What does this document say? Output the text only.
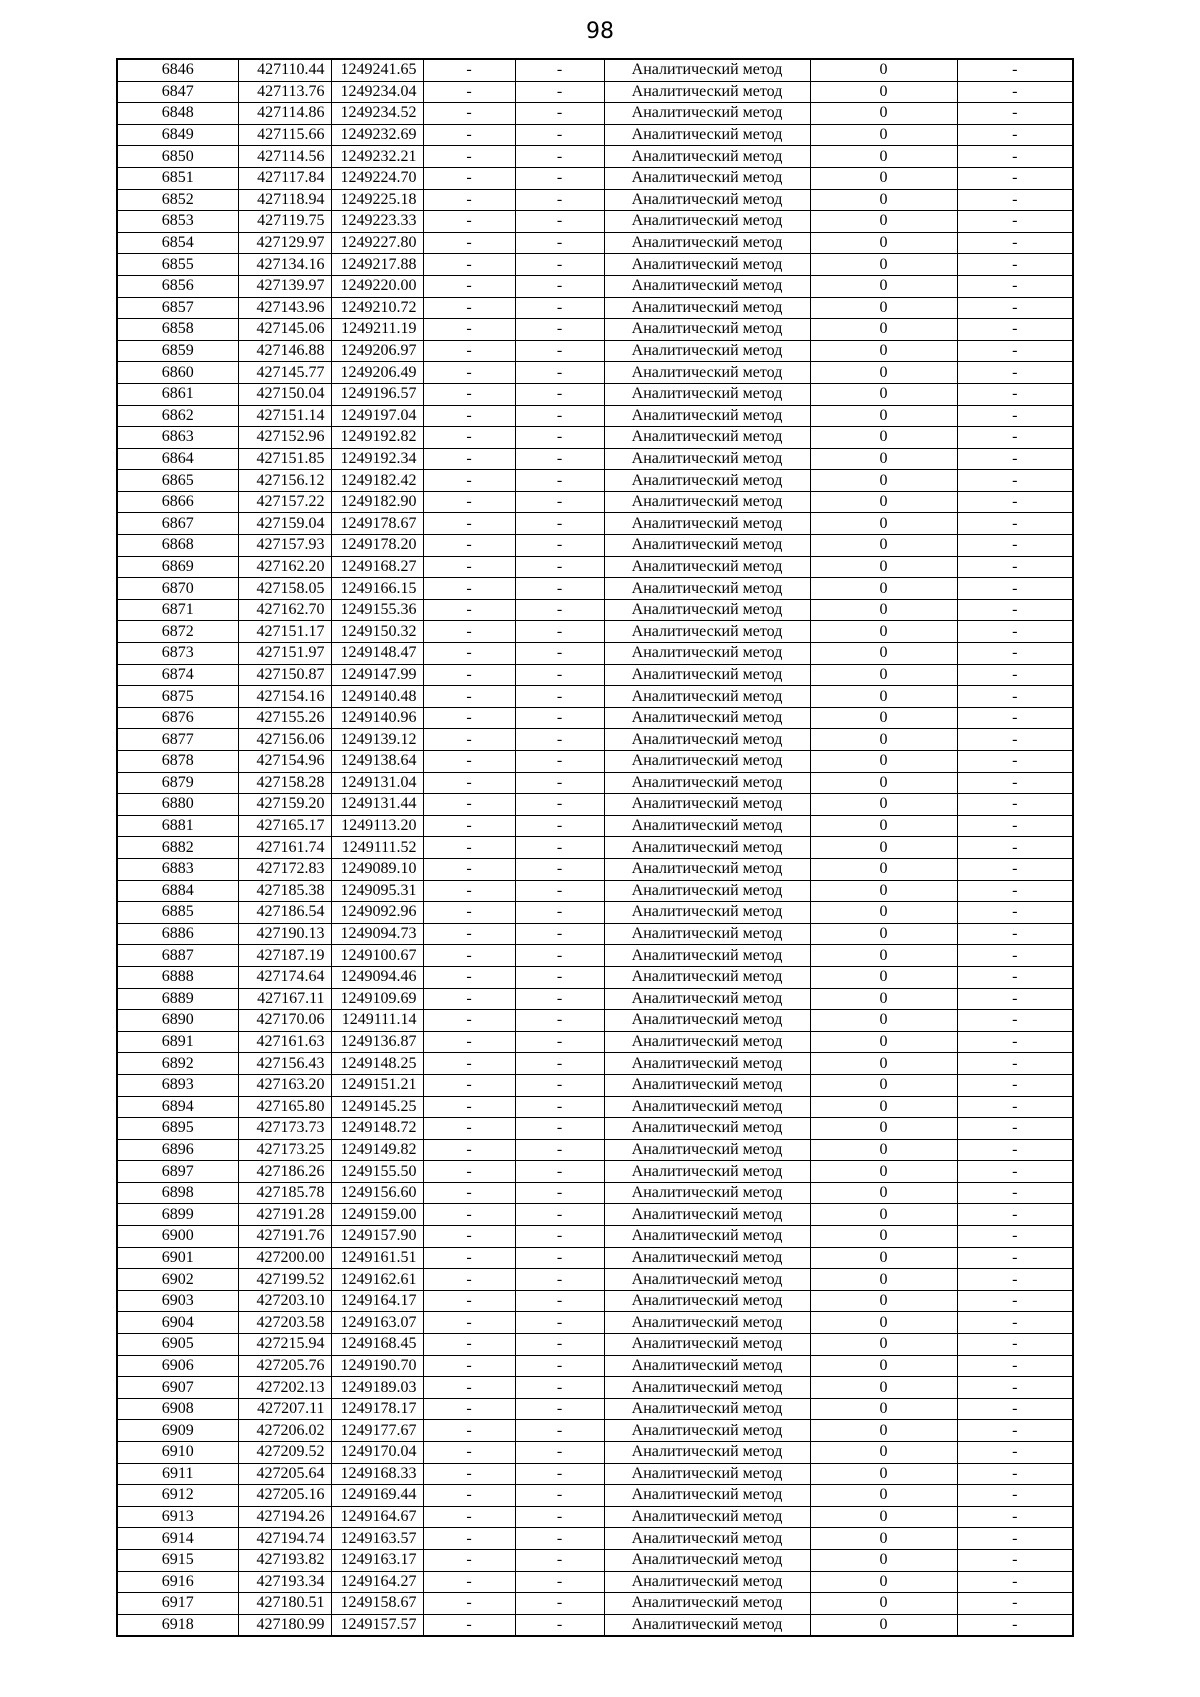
98
6846	427110.44	1249241.65	-	-	Аналитический метод	0	-
6847	427113.76	1249234.04	-	-	Аналитический метод	0	-
6848	427114.86	1249234.52	-	-	Аналитический метод	0	-
6849	427115.66	1249232.69	-	-	Аналитический метод	0	-
6850	427114.56	1249232.21	-	-	Аналитический метод	0	-
6851	427117.84	1249224.70	-	-	Аналитический метод	0	-
6852	427118.94	1249225.18	-	-	Аналитический метод	0	-
6853	427119.75	1249223.33	-	-	Аналитический метод	0	-
6854	427129.97	1249227.80	-	-	Аналитический метод	0	-
6855	427134.16	1249217.88	-	-	Аналитический метод	0	-
6856	427139.97	1249220.00	-	-	Аналитический метод	0	-
6857	427143.96	1249210.72	-	-	Аналитический метод	0	-
6858	427145.06	1249211.19	-	-	Аналитический метод	0	-
6859	427146.88	1249206.97	-	-	Аналитический метод	0	-
6860	427145.77	1249206.49	-	-	Аналитический метод	0	-
6861	427150.04	1249196.57	-	-	Аналитический метод	0	-
6862	427151.14	1249197.04	-	-	Аналитический метод	0	-
6863	427152.96	1249192.82	-	-	Аналитический метод	0	-
6864	427151.85	1249192.34	-	-	Аналитический метод	0	-
6865	427156.12	1249182.42	-	-	Аналитический метод	0	-
6866	427157.22	1249182.90	-	-	Аналитический метод	0	-
6867	427159.04	1249178.67	-	-	Аналитический метод	0	-
6868	427157.93	1249178.20	-	-	Аналитический метод	0	-
6869	427162.20	1249168.27	-	-	Аналитический метод	0	-
6870	427158.05	1249166.15	-	-	Аналитический метод	0	-
6871	427162.70	1249155.36	-	-	Аналитический метод	0	-
6872	427151.17	1249150.32	-	-	Аналитический метод	0	-
6873	427151.97	1249148.47	-	-	Аналитический метод	0	-
6874	427150.87	1249147.99	-	-	Аналитический метод	0	-
6875	427154.16	1249140.48	-	-	Аналитический метод	0	-
6876	427155.26	1249140.96	-	-	Аналитический метод	0	-
6877	427156.06	1249139.12	-	-	Аналитический метод	0	-
6878	427154.96	1249138.64	-	-	Аналитический метод	0	-
6879	427158.28	1249131.04	-	-	Аналитический метод	0	-
6880	427159.20	1249131.44	-	-	Аналитический метод	0	-
6881	427165.17	1249113.20	-	-	Аналитический метод	0	-
6882	427161.74	1249111.52	-	-	Аналитический метод	0	-
6883	427172.83	1249089.10	-	-	Аналитический метод	0	-
6884	427185.38	1249095.31	-	-	Аналитический метод	0	-
6885	427186.54	1249092.96	-	-	Аналитический метод	0	-
6886	427190.13	1249094.73	-	-	Аналитический метод	0	-
6887	427187.19	1249100.67	-	-	Аналитический метод	0	-
6888	427174.64	1249094.46	-	-	Аналитический метод	0	-
6889	427167.11	1249109.69	-	-	Аналитический метод	0	-
6890	427170.06	1249111.14	-	-	Аналитический метод	0	-
6891	427161.63	1249136.87	-	-	Аналитический метод	0	-
6892	427156.43	1249148.25	-	-	Аналитический метод	0	-
6893	427163.20	1249151.21	-	-	Аналитический метод	0	-
6894	427165.80	1249145.25	-	-	Аналитический метод	0	-
6895	427173.73	1249148.72	-	-	Аналитический метод	0	-
6896	427173.25	1249149.82	-	-	Аналитический метод	0	-
6897	427186.26	1249155.50	-	-	Аналитический метод	0	-
6898	427185.78	1249156.60	-	-	Аналитический метод	0	-
6899	427191.28	1249159.00	-	-	Аналитический метод	0	-
6900	427191.76	1249157.90	-	-	Аналитический метод	0	-
6901	427200.00	1249161.51	-	-	Аналитический метод	0	-
6902	427199.52	1249162.61	-	-	Аналитический метод	0	-
6903	427203.10	1249164.17	-	-	Аналитический метод	0	-
6904	427203.58	1249163.07	-	-	Аналитический метод	0	-
6905	427215.94	1249168.45	-	-	Аналитический метод	0	-
6906	427205.76	1249190.70	-	-	Аналитический метод	0	-
6907	427202.13	1249189.03	-	-	Аналитический метод	0	-
6908	427207.11	1249178.17	-	-	Аналитический метод	0	-
6909	427206.02	1249177.67	-	-	Аналитический метод	0	-
6910	427209.52	1249170.04	-	-	Аналитический метод	0	-
6911	427205.64	1249168.33	-	-	Аналитический метод	0	-
6912	427205.16	1249169.44	-	-	Аналитический метод	0	-
6913	427194.26	1249164.67	-	-	Аналитический метод	0	-
6914	427194.74	1249163.57	-	-	Аналитический метод	0	-
6915	427193.82	1249163.17	-	-	Аналитический метод	0	-
6916	427193.34	1249164.27	-	-	Аналитический метод	0	-
6917	427180.51	1249158.67	-	-	Аналитический метод	0	-
6918	427180.99	1249157.57	-	-	Аналитический метод	0	-
